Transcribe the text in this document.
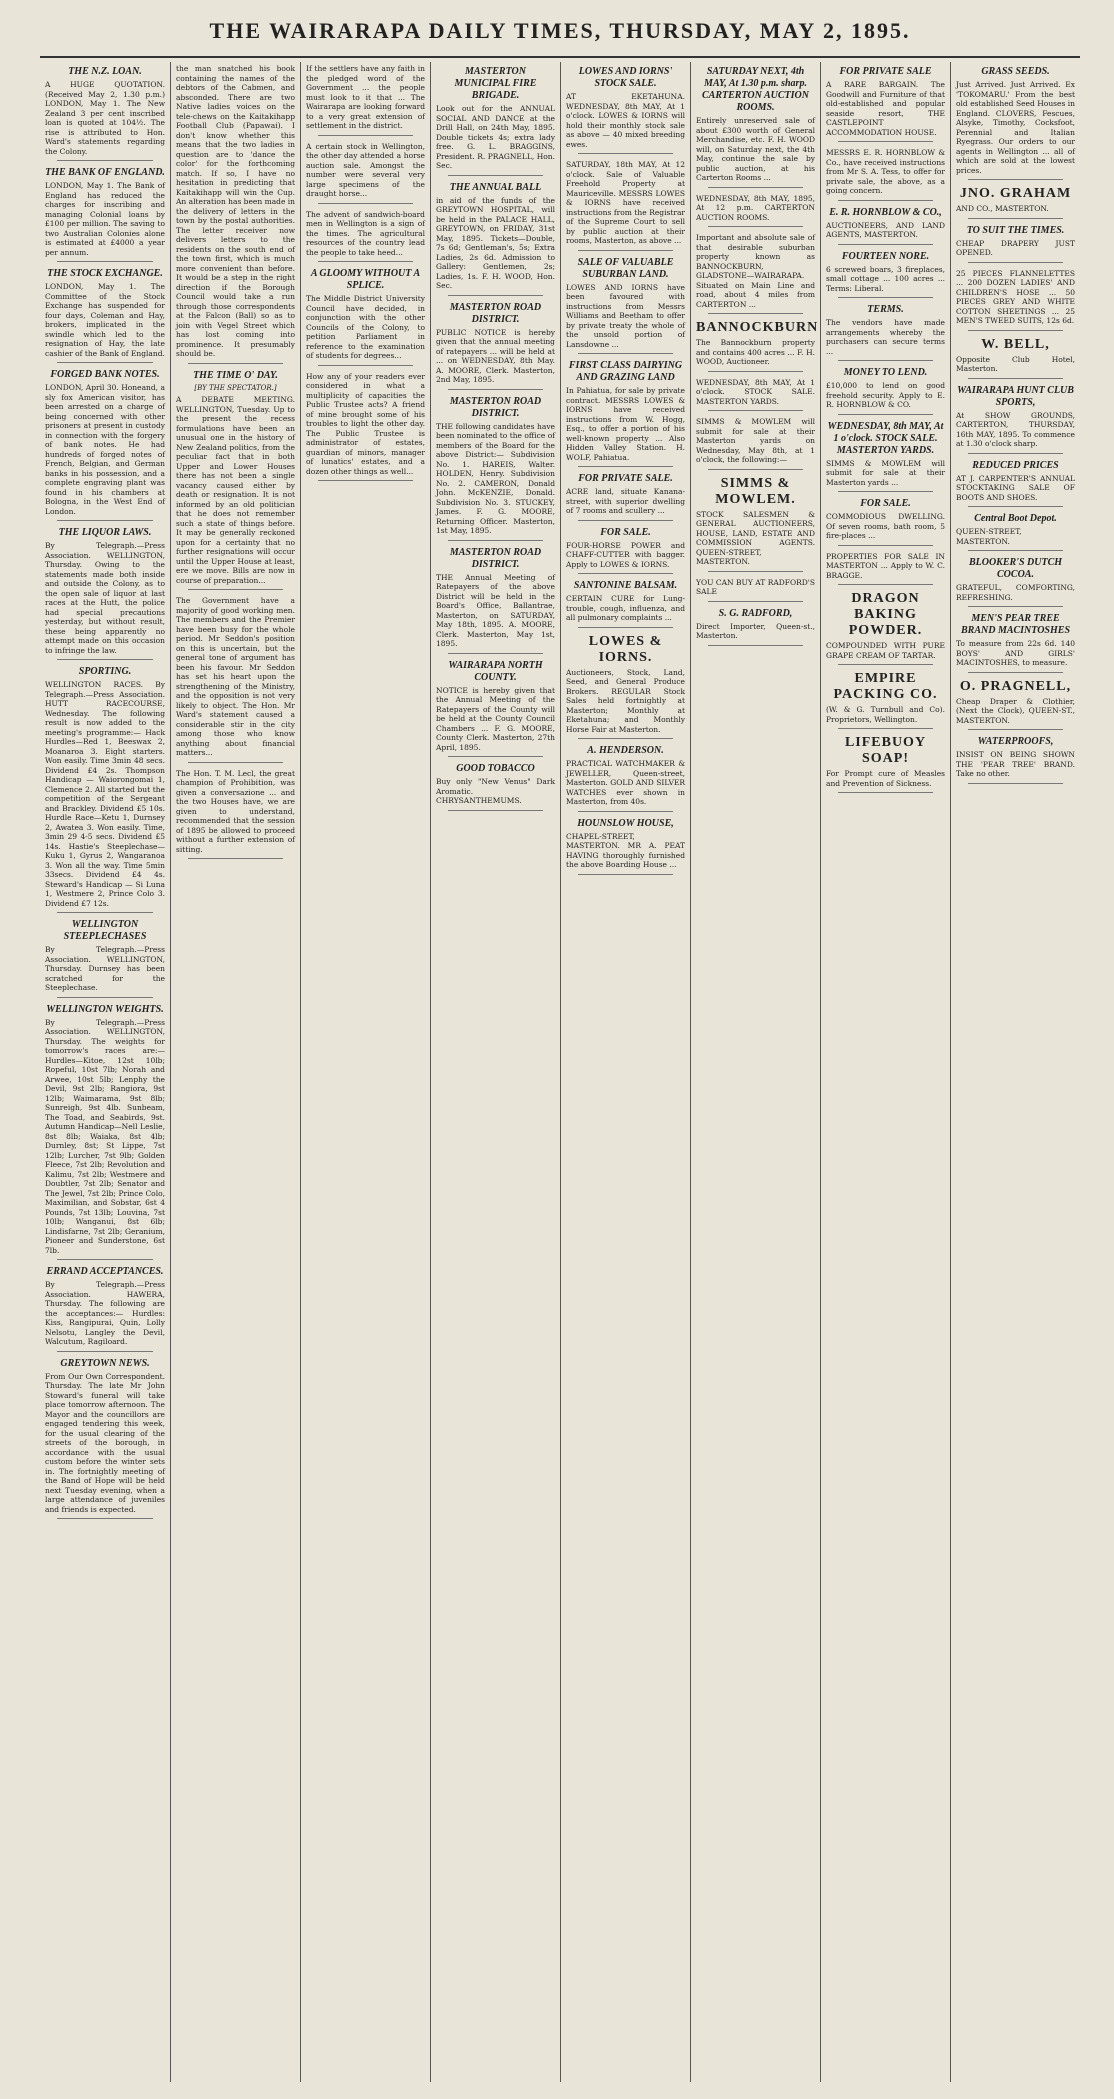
THE WAIRARAPA DAILY TIMES, THURSDAY, MAY 2, 1895.
THE N.Z. LOAN.
A HUGE QUOTATION. (Received May 2, 1.30 p.m.) LONDON, May 1. The New Zealand 3 per cent inscribed loan is quoted at 104½. The rise is attributed to Hon. Ward's statements regarding the Colony.
THE BANK OF ENGLAND.
LONDON, May 1. The Bank of England has reduced the charges for inscribing and managing Colonial loans by £100 per million. The saving to two Australian Colonies alone is estimated at £4000 a year per annum.
THE STOCK EXCHANGE.
LONDON, May 1. The Committee of the Stock Exchange has suspended for four days, Coleman and Hay, brokers, implicated in the swindle which led to the resignation of Hay, the late cashier of the Bank of England.
FORGED BANK NOTES.
LONDON, April 30. Honeand, a sly fox American visitor, has been arrested on a charge of being concerned with other prisoners at present in custody in connection with the forgery of bank notes. He had hundreds of forged notes of French, Belgian, and German banks in his possession, and a complete engraving plant was found in his chambers at Bologna, in the West End of London.
THE LIQUOR LAWS.
By Telegraph.—Press Association. WELLINGTON, Thursday. Owing to the statements made both inside and outside the Colony, as to the open sale of liquor at last races at the Hutt, the police had special precautions yesterday, but without result, these being apparently no attempt made on this occasion to infringe the law.
SPORTING.
WELLINGTON RACES. By Telegraph.—Press Association. HUTT RACECOURSE, Wednesday. The following result is now added to the meeting's programme:— Hack Hurdles—Red 1, Beeswax 2, Moanaroa 3. Eight starters. Won easily. Time 3min 48 secs. Dividend £4 2s. Thompson Handicap — Waiorongomai 1, Clemence 2. All started but the competition of the Sergeant and Brackley. Dividend £5 10s. Hurdle Race—Ketu 1, Durnsey 2, Awatea 3. Won easily. Time, 3min 29 4-5 secs. Dividend £5 14s. Hastie's Steeplechase—Kuku 1, Gyrus 2, Wangaranoa 3. Won all the way. Time 5min 33secs. Dividend £4 4s. Steward's Handicap — Si Luna 1, Westmere 2, Prince Colo 3. Dividend £7 12s.
WELLINGTON STEEPLECHASES
By Telegraph.—Press Association. WELLINGTON, Thursday. Durnsey has been scratched for the Steeplechase.
WELLINGTON WEIGHTS.
By Telegraph.—Press Association. WELLINGTON, Thursday. The weights for tomorrow's races are:—Hurdles—Kitoe, 12st 10lb; Ropeful, 10st 7lb; Norah and Arwee, 10st 5lb; Lenphy the Devil, 9st 2lb; Rangiora, 9st 12lb; Waimarama, 9st 8lb; Sunreigh, 9st 4lb. Sunbeam, The Toad, and Seabirds, 9st. Autumn Handicap—Nell Leslie, 8st 8lb; Waiaka, 8st 4lb; Durnley, 8st; St Lippe, 7st 12lb; Lurcher, 7st 9lb; Golden Fleece, 7st 2lb; Revolution and Kalimu, 7st 2lb; Westmere and Doubtler, 7st 2lb; Senator and The Jewel, 7st 2lb; Prince Colo, Maximilian, and Sobstar, 6st 4 Pounds, 7st 13lb; Louvina, 7st 10lb; Wanganui, 8st 6lb; Lindisfarne, 7st 2lb; Geranium, Pioneer and Sunderstone, 6st 7lb.
ERRAND ACCEPTANCES.
By Telegraph.—Press Association. HAWERA, Thursday. The following are the acceptances:— Hurdles: Kiss, Rangipurai, Quin, Lolly Nelsotu, Langley the Devil, Walcutum, Ragiloard.
GREYTOWN NEWS.
From Our Own Correspondent. Thursday. The late Mr John Stoward's funeral will take place tomorrow afternoon. The Mayor and the councillors are engaged tendering this week, for the usual clearing of the streets of the borough, in accordance with the usual custom before the winter sets in. The fortnightly meeting of the Band of Hope will be held next Tuesday evening, when a large attendance of juveniles and friends is expected.
the man snatched his book containing the names of the debtors of the Cabmen, and absconded. There are two Native ladies voices on the tele-chews on the Kaitakihapp Football Club (Papawai). I don't know whether this means that the two ladies in question are to 'dance the color' for the forthcoming match. If so, I have no hesitation in predicting that Kaitakihapp will win the Cup. An alteration has been made in the delivery of letters in the town by the postal authorities. The letter receiver now delivers letters to the residents on the south end of the town first, which is much more convenient than before. It would be a step in the right direction if the Borough Council would take a run through those correspondents at the Falcon (Ball) so as to join with Vegel Street which has lost coming into prominence. It presumably should be.
THE TIME O' DAY.
[BY THE SPECTATOR.]
A DEBATE MEETING. WELLINGTON, Tuesday. Up to the present the recess formulations have been an unusual one in the history of New Zealand politics, from the peculiar fact that in both Upper and Lower Houses there has not been a single vacancy caused either by death or resignation. It is not informed by an old politician that he does not remember such a state of things before. It may be generally reckoned upon for a certainty that no further resignations will occur until the Upper House at least, ere we move. Bills are now in course of preparation...
The Government have a majority of good working men. The members and the Premier have been busy for the whole period. Mr Seddon's position on this is uncertain, but the general tone of argument has been his favour. Mr Seddon has set his heart upon the strengthening of the Ministry, and the opposition is not very likely to object. The Hon. Mr Ward's statement caused a considerable stir in the city among those who know anything about financial matters...
The Hon. T. M. Lecl, the great champion of Prohibition, was given a conversazione ... and the two Houses have, we are given to understand, recommended that the session of 1895 be allowed to proceed without a further extension of sitting.
If the settlers have any faith in the pledged word of the Government ... the people must look to it that ... The Wairarapa are looking forward to a very great extension of settlement in the district.
A certain stock in Wellington, the other day attended a horse auction sale. Amongst the number were several very large specimens of the draught horse...
The advent of sandwich-board men in Wellington is a sign of the times. The agricultural resources of the country lead the people to take heed...
A GLOOMY WITHOUT A SPLICE.
The Middle District University Council have decided, in conjunction with the other Councils of the Colony, to petition Parliament in reference to the examination of students for degrees...
How any of your readers ever considered in what a multiplicity of capacities the Public Trustee acts? A friend of mine brought some of his troubles to light the other day. The Public Trustee is administrator of estates, guardian of minors, manager of lunatics' estates, and a dozen other things as well...
MASTERTON MUNICIPAL FIRE BRIGADE.
Look out for the ANNUAL SOCIAL AND DANCE at the Drill Hall, on 24th May, 1895. Double tickets 4s; extra lady free. G. L. BRAGGINS, President. R. PRAGNELL, Hon. Sec.
THE ANNUAL BALL
in aid of the funds of the GREYTOWN HOSPITAL, will be held in the PALACE HALL, GREYTOWN, on FRIDAY, 31st May, 1895. Tickets—Double, 7s 6d; Gentleman's, 5s; Extra Ladies, 2s 6d. Admission to Gallery: Gentlemen, 2s; Ladies, 1s. F. H. WOOD, Hon. Sec.
MASTERTON ROAD DISTRICT.
PUBLIC NOTICE is hereby given that the annual meeting of ratepayers ... will be held at ... on WEDNESDAY, 8th May. A. MOORE, Clerk. Masterton, 2nd May, 1895.
MASTERTON ROAD DISTRICT.
THE following candidates have been nominated to the office of members of the Board for the above District:— Subdivision No. 1. HAREIS, Walter. HOLDEN, Henry. Subdivision No. 2. CAMERON, Donald John. McKENZIE, Donald. Subdivision No. 3. STUCKEY, James. F. G. MOORE, Returning Officer. Masterton, 1st May, 1895.
MASTERTON ROAD DISTRICT.
THE Annual Meeting of Ratepayers of the above District will be held in the Board's Office, Ballantrae, Masterton, on SATURDAY, May 18th, 1895. A. MOORE, Clerk. Masterton, May 1st, 1895.
WAIRARAPA NORTH COUNTY.
NOTICE is hereby given that the Annual Meeting of the Ratepayers of the County will be held at the County Council Chambers ... F. G. MOORE, County Clerk. Masterton, 27th April, 1895.
GOOD TOBACCO
Buy only "New Venus" Dark Aromatic. CHRYSANTHEMUMS.
LOWES AND IORNS' STOCK SALE.
AT EKETAHUNA. WEDNESDAY, 8th MAY, At 1 o'clock. LOWES & IORNS will hold their monthly stock sale as above — 40 mixed breeding ewes.
SATURDAY, 18th MAY, At 12 o'clock. Sale of Valuable Freehold Property at Mauriceville. MESSRS LOWES & IORNS have received instructions from the Registrar of the Supreme Court to sell by public auction at their rooms, Masterton, as above ...
SALE OF VALUABLE SUBURBAN LAND.
LOWES AND IORNS have been favoured with instructions from Messrs Williams and Beetham to offer by private treaty the whole of the unsold portion of Lansdowne ...
FIRST CLASS DAIRYING AND GRAZING LAND
In Pahiatua, for sale by private contract. MESSRS LOWES & IORNS have received instructions from W. Hogg, Esq., to offer a portion of his well-known property ... Also Hidden Valley Station. H. WOLF, Pahiatua.
FOR PRIVATE SALE.
ACRE land, situate Kanana-street, with superior dwelling of 7 rooms and scullery ...
FOR SALE.
FOUR-HORSE POWER and CHAFF-CUTTER with bagger. Apply to LOWES & IORNS.
SANTONINE BALSAM.
CERTAIN CURE for Lung-trouble, cough, influenza, and all pulmonary complaints ...
LOWES & IORNS.
Auctioneers, Stock, Land, Seed, and General Produce Brokers. REGULAR Stock Sales held fortnightly at Masterton; Monthly at Eketahuna; and Monthly Horse Fair at Masterton.
A. HENDERSON.
PRACTICAL WATCHMAKER & JEWELLER, Queen-street, Masterton. GOLD AND SILVER WATCHES ever shown in Masterton, from 40s.
HOUNSLOW HOUSE,
CHAPEL-STREET, MASTERTON. MR A. PEAT HAVING thoroughly furnished the above Boarding House ...
SATURDAY NEXT, 4th MAY, At 1.30 p.m. sharp. CARTERTON AUCTION ROOMS.
Entirely unreserved sale of about £300 worth of General Merchandise, etc. F. H. WOOD will, on Saturday next, the 4th May, continue the sale by public auction, at his Carterton Rooms ...
WEDNESDAY, 8th MAY, 1895, At 12 p.m. CARTERTON AUCTION ROOMS.
Important and absolute sale of that desirable suburban property known as BANNOCKBURN, GLADSTONE—WAIRARAPA. Situated on Main Line and road, about 4 miles from CARTERTON ...
BANNOCKBURN
The Bannockburn property and contains 400 acres ... F. H. WOOD, Auctioneer.
WEDNESDAY, 8th MAY, At 1 o'clock. STOCK SALE. MASTERTON YARDS.
SIMMS & MOWLEM will submit for sale at their Masterton yards on Wednesday, May 8th, at 1 o'clock, the following:—
SIMMS & MOWLEM.
STOCK SALESMEN & GENERAL AUCTIONEERS, HOUSE, LAND, ESTATE AND COMMISSION AGENTS. QUEEN-STREET, MASTERTON.
YOU CAN BUY AT RADFORD'S SALE
S. G. RADFORD,
Direct Importer, Queen-st., Masterton.
FOR PRIVATE SALE
A RARE BARGAIN. The Goodwill and Furniture of that old-established and popular seaside resort, THE CASTLEPOINT ACCOMMODATION HOUSE.
MESSRS E. R. HORNBLOW & Co., have received instructions from Mr S. A. Tess, to offer for private sale, the above, as a going concern.
E. R. HORNBLOW & CO.,
AUCTIONEERS, AND LAND AGENTS, MASTERTON.
FOURTEEN NORE.
6 screwed boars, 3 fireplaces, small cottage ... 100 acres ... Terms: Liberal.
TERMS.
The vendors have made arrangements whereby the purchasers can secure terms ...
MONEY TO LEND.
£10,000 to lend on good freehold security. Apply to E. R. HORNBLOW & CO.
WEDNESDAY, 8th MAY, At 1 o'clock. STOCK SALE. MASTERTON YARDS.
SIMMS & MOWLEM will submit for sale at their Masterton yards ...
FOR SALE.
COMMODIOUS DWELLING. Of seven rooms, bath room, 5 fire-places ...
PROPERTIES FOR SALE IN MASTERTON ... Apply to W. C. BRAGGE.
DRAGON BAKING POWDER.
COMPOUNDED WITH PURE GRAPE CREAM OF TARTAR.
EMPIRE PACKING CO.
(W. & G. Turnbull and Co). Proprietors, Wellington.
LIFEBUOY SOAP!
For Prompt cure of Measles and Prevention of Sickness.
GRASS SEEDS.
Just Arrived. Just Arrived. Ex 'TOKOMARU.' From the best old established Seed Houses in England. CLOVERS, Fescues, Alsyke, Timothy, Cocksfoot, Perennial and Italian Ryegrass. Our orders to our agents in Wellington ... all of which are sold at the lowest prices.
JNO. GRAHAM
AND CO., MASTERTON.
TO SUIT THE TIMES.
CHEAP DRAPERY JUST OPENED.
25 PIECES FLANNELETTES ... 200 DOZEN LADIES' AND CHILDREN'S HOSE ... 50 PIECES GREY AND WHITE COTTON SHEETINGS ... 25 MEN'S TWEED SUITS, 12s 6d.
W. BELL,
Opposite Club Hotel, Masterton.
WAIRARAPA HUNT CLUB SPORTS,
At SHOW GROUNDS, CARTERTON, THURSDAY, 16th MAY, 1895. To commence at 1.30 o'clock sharp.
REDUCED PRICES
AT J. CARPENTER'S ANNUAL STOCKTAKING SALE OF BOOTS AND SHOES.
Central Boot Depot.
QUEEN-STREET, MASTERTON.
BLOOKER'S DUTCH COCOA.
GRATEFUL, COMFORTING, REFRESHING.
MEN'S PEAR TREE BRAND MACINTOSHES
To measure from 22s 6d. 140 BOYS' AND GIRLS' MACINTOSHES, to measure.
O. PRAGNELL,
Cheap Draper & Clothier, (Next the Clock), QUEEN-ST., MASTERTON.
WATERPROOFS,
INSIST ON BEING SHOWN THE 'PEAR TREE' BRAND. Take no other.
